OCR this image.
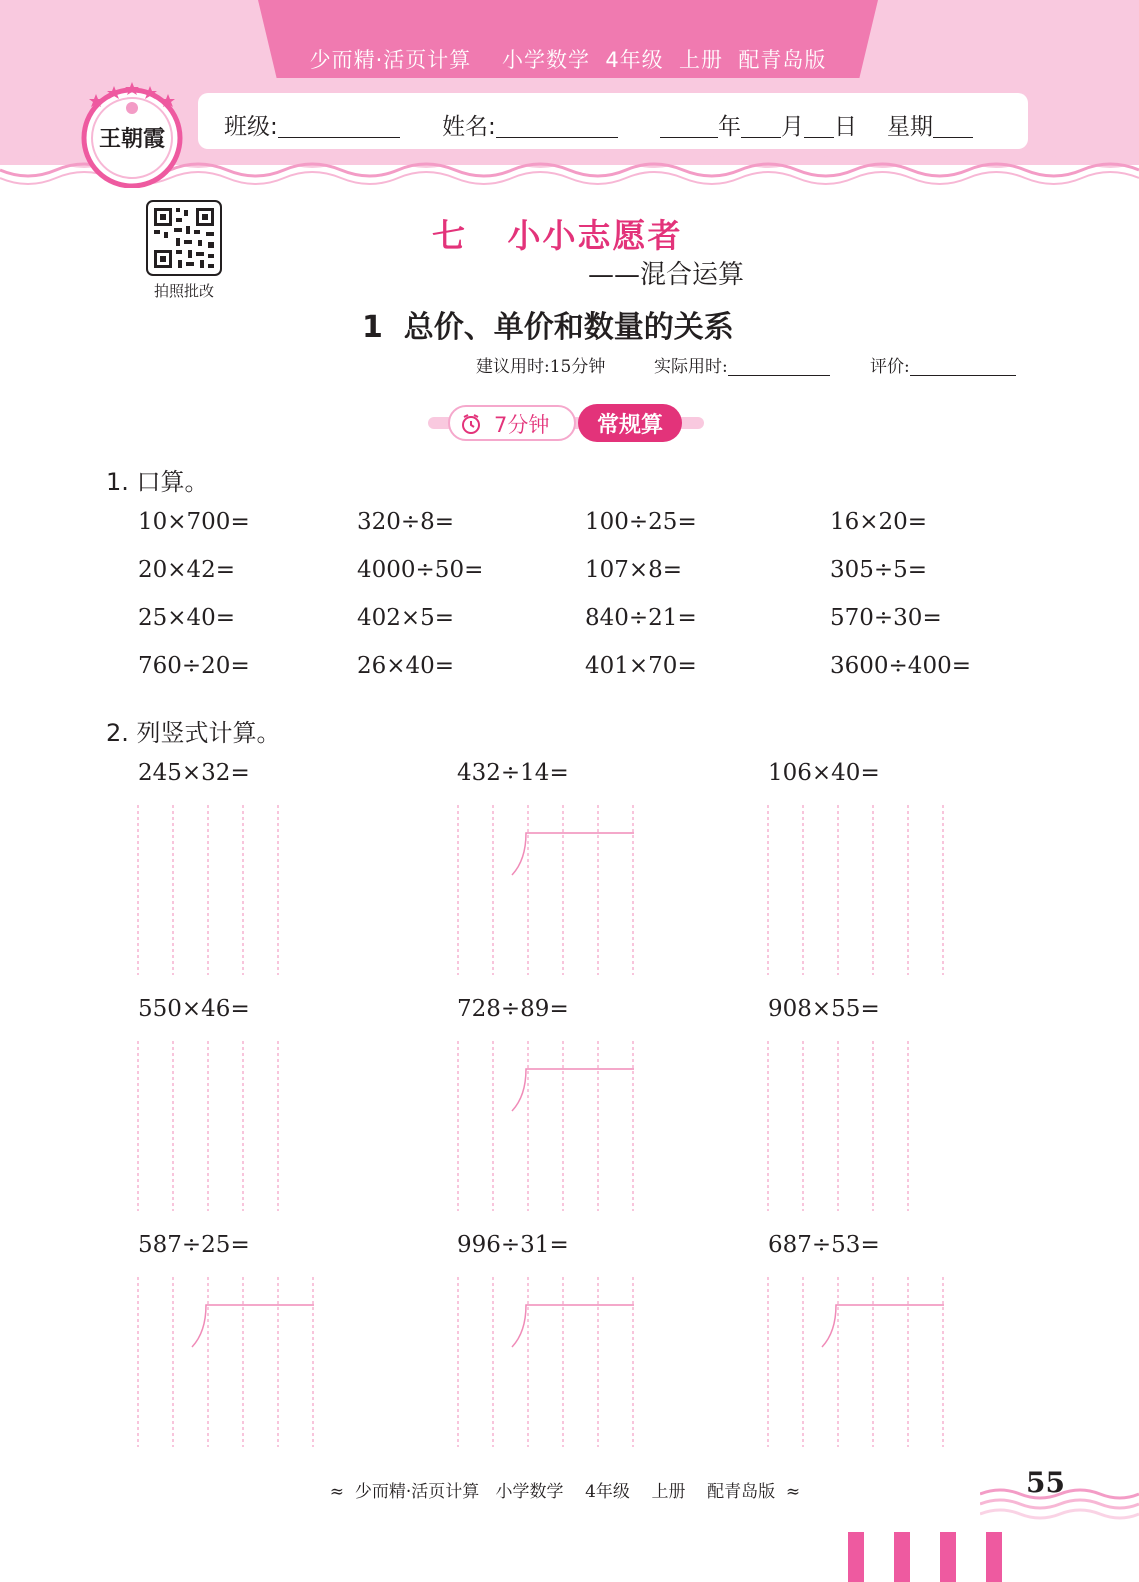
少而精·活页计算    小学数学  4年级  上册  配青岛版
班级:	姓名:	年 月 日 星期
王朝霞
拍照批改
七   小小志愿者
——混合运算
1  总价、单价和数量的关系
建议用时:15分钟	实际用时:	评价:
7分钟	常规算
1. 口算。
10×700=	320÷8=	100÷25=	16×20=
20×42=	4000÷50=	107×8=	305÷5=
25×40=	402×5=	840÷21=	570÷30=
760÷20=	26×40=	401×70=	3600÷400=
2. 列竖式计算。
245×32=	432÷14=	106×40=
550×46=	728÷89=	908×55=
587÷25=	996÷31=	687÷53=
≈  少而精·活页计算   小学数学    4年级    上册    配青岛版  ≈	55
